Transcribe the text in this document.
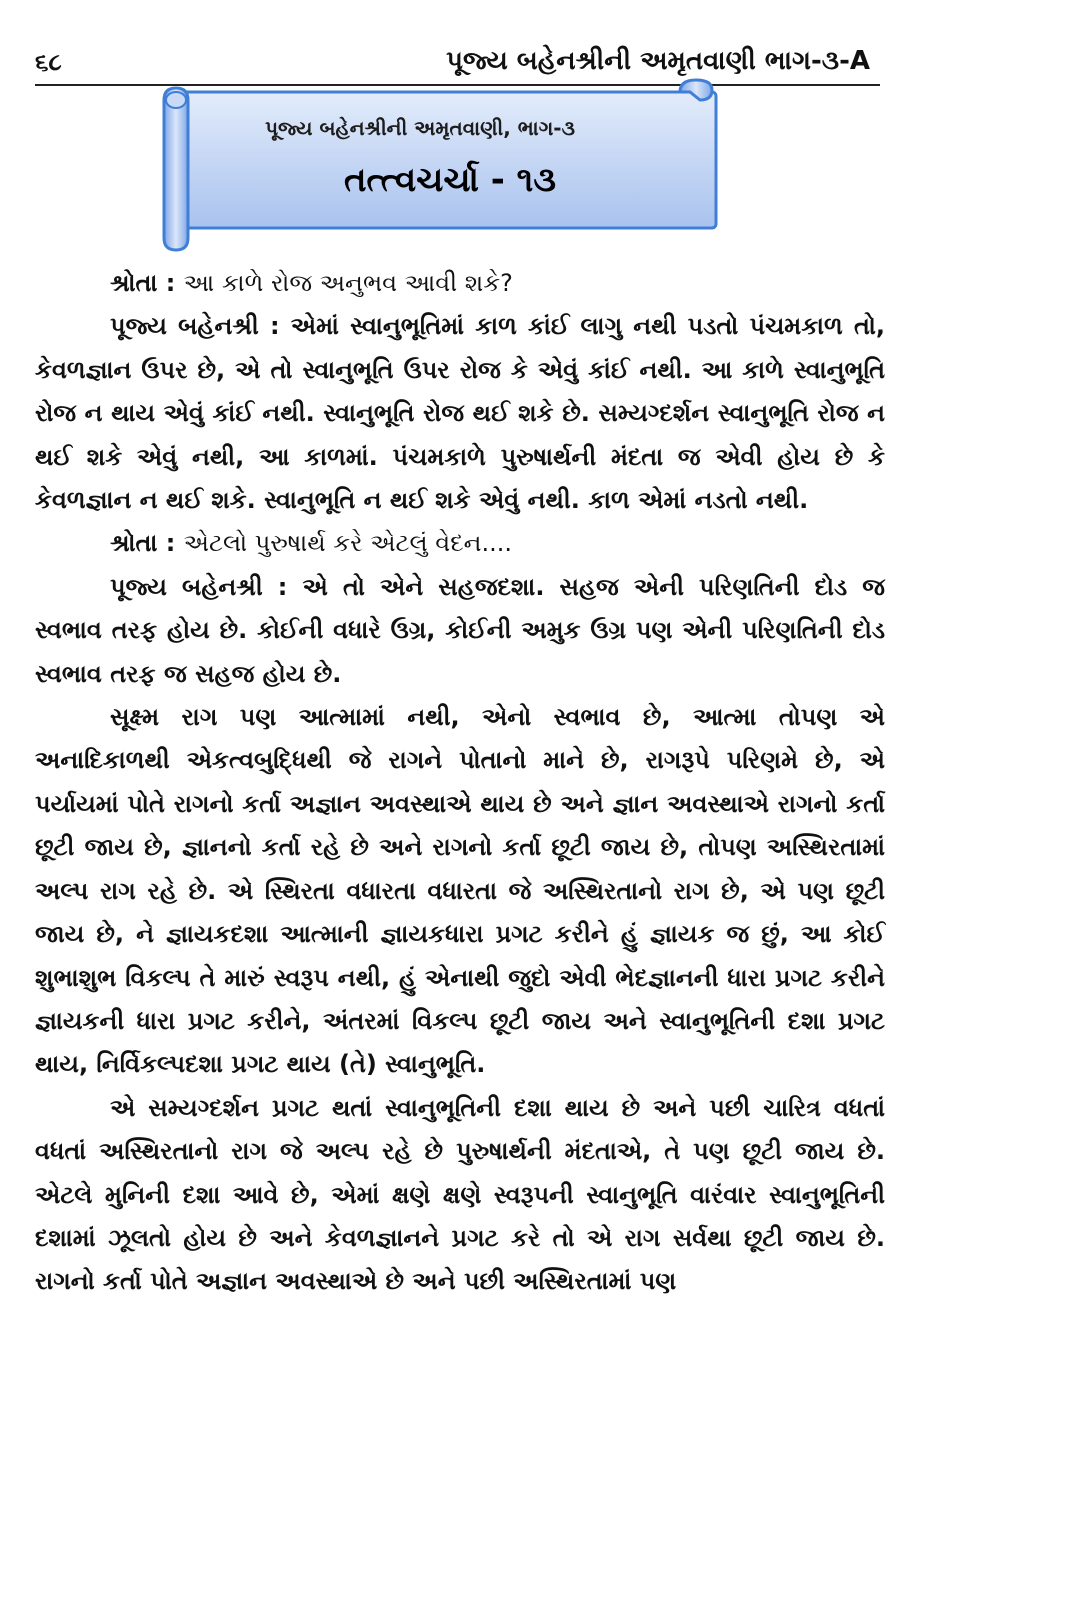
૬૮	પૂજ્ય બહેનશ્રીની અમૃતવાણી ભાગ-૩-A
પૂજ્ય બહેનશ્રીની અમૃતવાણી, ભાગ-૩
તત્ત્વચર્ચા - ૧૩

શ્રોતા : આ કાળે રોજ અનુભવ આવી શકે?

પૂજ્ય બહેનશ્રી : એમાં સ્વાનુભૂતિમાં કાળ કાંઈ લાગુ નથી પડતો પંચમકાળ તો, કેવળજ્ઞાન ઉપર છે, એ તો સ્વાનુભૂતિ ઉપર રોજ કે એવું કાંઈ નથી. આ કાળે સ્વાનુભૂતિ રોજ ન થાય એવું કાંઈ નથી. સ્વાનુભૂતિ રોજ થઈ શકે છે. સમ્યગ્દર્શન સ્વાનુભૂતિ રોજ ન થઈ શકે એવું નથી, આ કાળમાં. પંચમકાળે પુરુષાર્થની મંદતા જ એવી હોય છે કે કેવળજ્ઞાન ન થઈ શકે. સ્વાનુભૂતિ ન થઈ શકે એવું નથી. કાળ એમાં નડતો નથી.

શ્રોતા : એટલો પુરુષાર્થ કરે એટલું વેદન....

પૂજ્ય બહેનશ્રી : એ તો એને સહજદશા. સહજ એની પરિણતિની દોડ જ સ્વભાવ તરફ હોય છે. કોઈની વધારે ઉગ્ર, કોઈની અમુક ઉગ્ર પણ એની પરિણતિની દોડ સ્વભાવ તરફ જ સહજ હોય છે.

સૂક્ષ્મ રાગ પણ આત્મામાં નથી, એનો સ્વભાવ છે, આત્મા તોપણ એ અનાદિકાળથી એકત્વબુદ્ધિથી જે રાગને પોતાનો માને છે, રાગરૂપે પરિણમે છે, એ પર્યાયમાં પોતે રાગનો કર્તા અજ્ઞાન અવસ્થાએ થાય છે અને જ્ઞાન અવસ્થાએ રાગનો કર્તા છૂટી જાય છે, જ્ઞાનનો કર્તા રહે છે અને રાગનો કર્તા છૂટી જાય છે, તોપણ અસ્થિરતામાં અલ્પ રાગ રહે છે. એ સ્થિરતા વધારતા વધારતા જે અસ્થિરતાનો રાગ છે, એ પણ છૂટી જાય છે, ને જ્ઞાયકદશા આત્માની જ્ઞાયકધારા પ્રગટ કરીને હું જ્ઞાયક જ છું, આ કોઈ શુભાશુભ વિકલ્પ તે મારું સ્વરૂપ નથી, હું એનાથી જુદો એવી ભેદજ્ઞાનની ધારા પ્રગટ કરીને જ્ઞાયકની ધારા પ્રગટ કરીને, અંતરમાં વિકલ્પ છૂટી જાય અને સ્વાનુભૂતિની દશા પ્રગટ થાય, નિર્વિકલ્પદશા પ્રગટ થાય (તે) સ્વાનુભૂતિ.

એ સમ્યગ્દર્શન પ્રગટ થતાં સ્વાનુભૂતિની દશા થાય છે અને પછી ચારિત્ર વધતાં વધતાં અસ્થિરતાનો રાગ જે અલ્પ રહે છે પુરુષાર્થની મંદતાએ, તે પણ છૂટી જાય છે. એટલે મુનિની દશા આવે છે, એમાં ક્ષણે ક્ષણે સ્વરૂપની સ્વાનુભૂતિ વારંવાર સ્વાનુભૂતિની દશામાં ઝૂલતો હોય છે અને કેવળજ્ઞાનને પ્રગટ કરે તો એ રાગ સર્વથા છૂટી જાય છે. રાગનો કર્તા પોતે અજ્ઞાન અવસ્થાએ છે અને પછી અસ્થિરતામાં પણ
